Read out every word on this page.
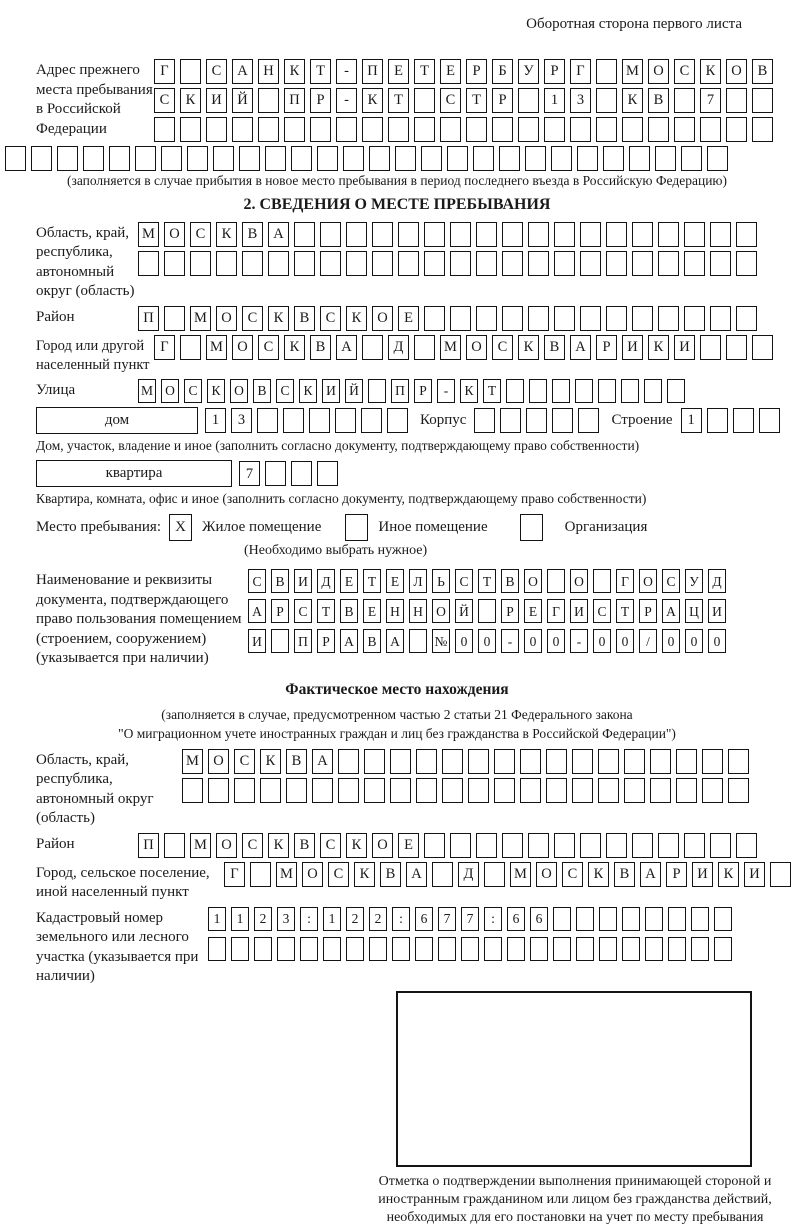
Оборотная сторона первого листа
Адрес прежнего места пребывания в Российской Федерации
Г	С	А	Н	К	Т	-	П	Е	Т	Е	Р	Б	У	Р	Г	М О	С	К	О	В
С	К	И	Й	П	Р	-	К	Т	С	Т	Р	1	3	К	В	7
(заполняется в случае прибытия в новое место пребывания в период последнего въезда в Российскую Федерацию)
2. СВЕДЕНИЯ О МЕСТЕ ПРЕБЫВАНИЯ
Область, край, республика, автономный округ (область)
М О	С	К	В	А
Район	П	М О	С	К	В	С	К	О	Е
Город или другой населенный пункт
Г	М О	С	К	В	А	Д	М О	С	К	В	А	Р	И	К	И
Улица	М О	С	К	О	В	С	К	И Й	П	Р	-	К	Т
дом	1	3	Корпус	Строение	1
Дом, участок, владение и иное (заполнить согласно документу, подтверждающему право собственности)
квартира	7
Квартира, комната, офис и иное (заполнить согласно документу, подтверждающему право собственности)
Место пребывания: X	Жилое помещение	Иное помещение	Организация
(Необходимо выбрать нужное)
Наименование и реквизиты документа, подтверждающего право пользования помещением (строением, сооружением) (указывается при наличии)
С	В	И	Д	Е	Т	Е	Л	Ь	С	Т	В	О	О	Г	О	С	У	Д
А	Р	С	Т	В	Е	Н Н О Й	Р	Е	Г	И	С	Т	Р	А Ц И
И	П	Р	А	В	А	№ 0	0	-	0	0	-	0	0	/	0	0	0
Фактическое место нахождения
(заполняется в случае, предусмотренном частью 2 статьи 21 Федерального закона
"О миграционном учете иностранных граждан и лиц без гражданства в Российской Федерации")
Область, край, республика, автономный округ (область)
М О	С	К	В	А
Район	П	М О	С	К	В	С	К	О	Е
Город, сельское поселение, иной населенный пункт
Г	М О	С	К	В	А	Д	М О	С	К	В	А	Р	И	К	И
Кадастровый номер земельного или лесного участка (указывается при наличии)
1	1	2	3	:	1	2	2	:	6	7	7	:	6	6
Отметка о подтверждении выполнения принимающей стороной и иностранным гражданином или лицом без гражданства действий, необходимых для его постановки на учет по месту пребывания
